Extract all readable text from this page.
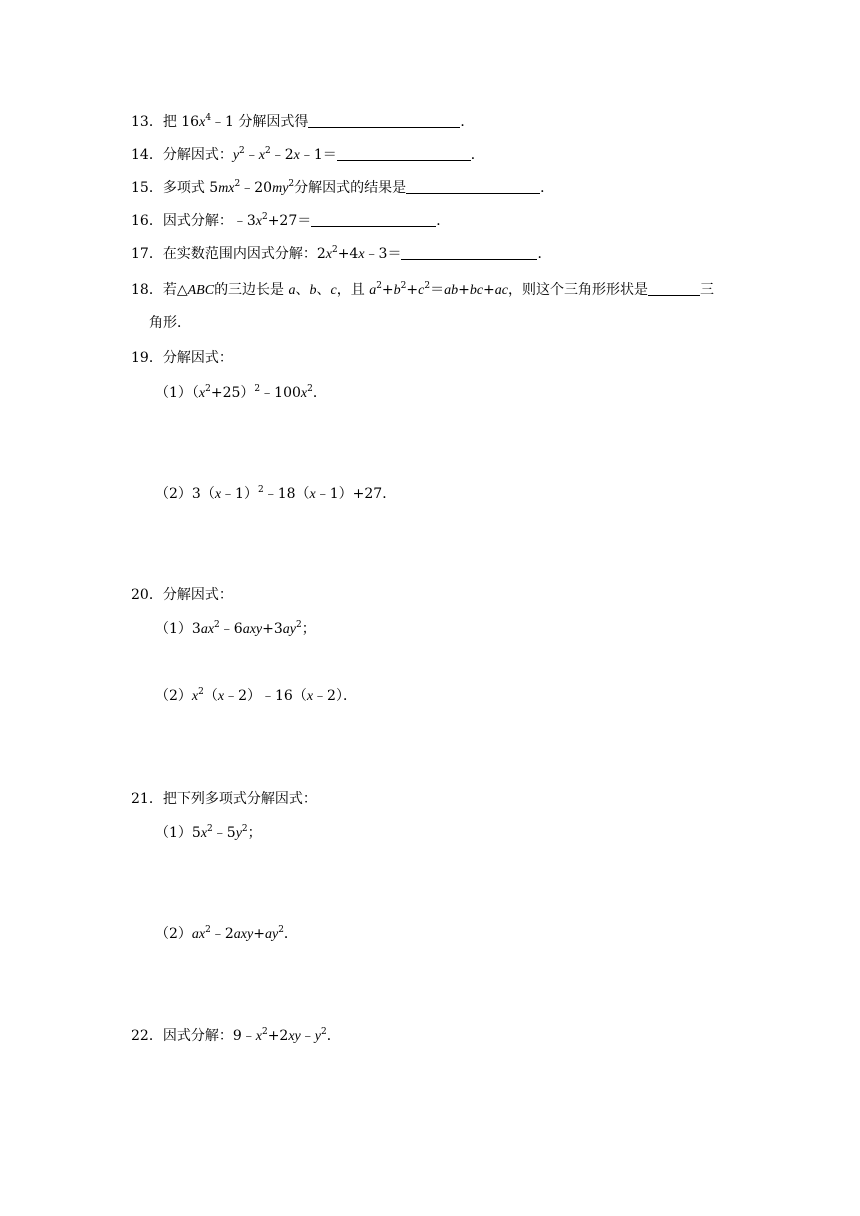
13．把 $16x^4﹣1$ 分解因式得	．
14．分解因式：$y^2﹣x^2﹣2x﹣1=$	．
15．多项式 $5mx^2﹣20my^2$分解因式的结果是	．
16．因式分解：$﹣3x^2+27=$	．
17．在实数范围内因式分解：$2x^2+4x﹣3=$	．
18．若△ABC的三边长是 a、b、c，且 $a^2+b^2+c^2=ab+bc+ac$，则这个三角形形状是	三
角形．
19．分解因式：
$(1)(x^2+25)^2﹣100x^2$．
（2）3（x﹣1）$^2$﹣18（x﹣1）+27．
20．分解因式：
$(1)3ax^2﹣6axy+3ay^2$；
$(2)x^2(x﹣2)﹣16(x﹣2)$．
21．把下列多项式分解因式：
$(1)5x^2﹣5y^2$；
$(2)ax^2﹣2axy+ay^2$．
22．因式分解：$9﹣x^2+2xy﹣y^2$．
